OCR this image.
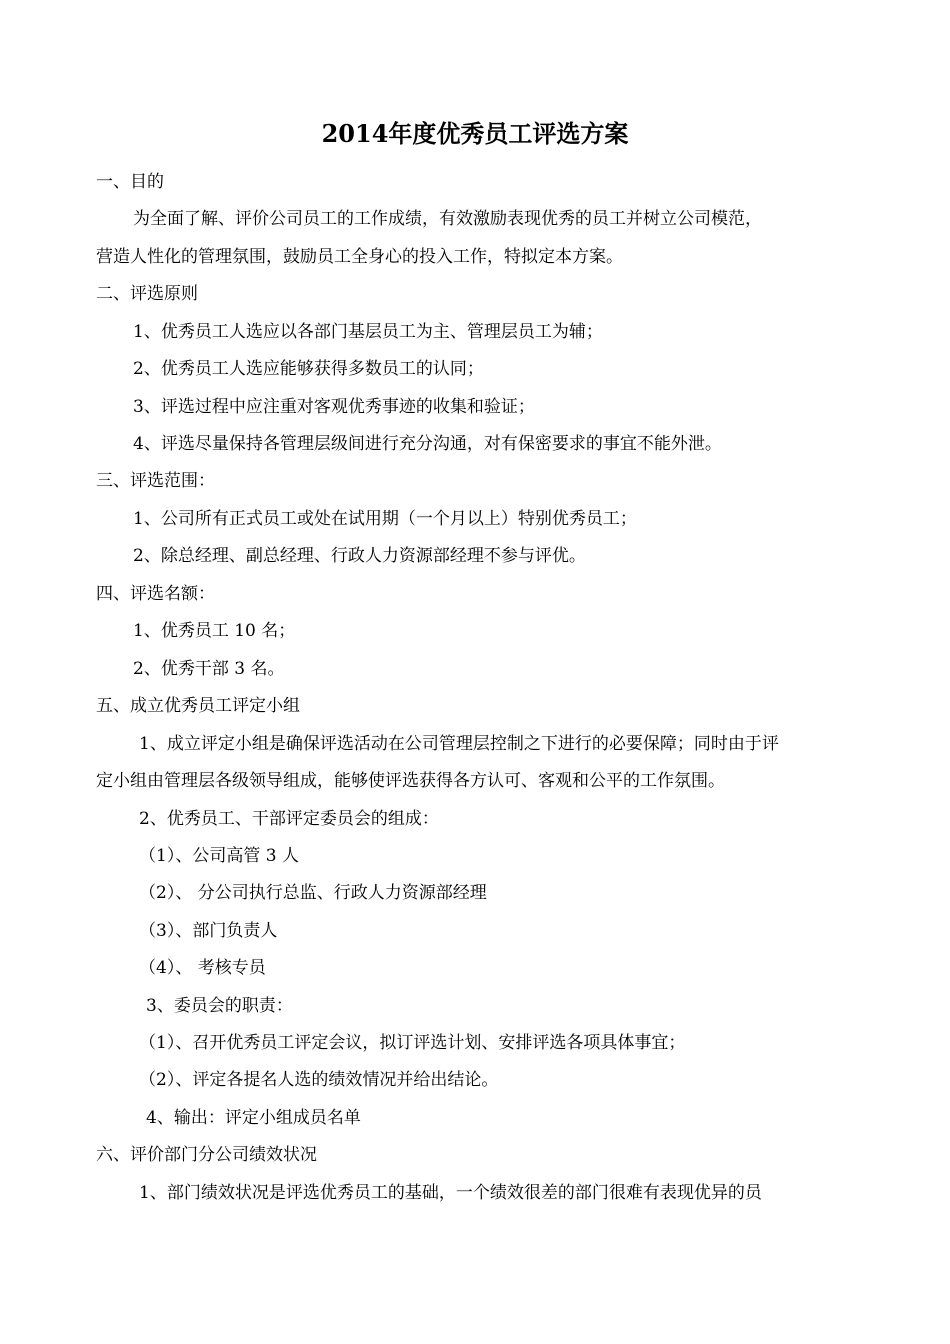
2014年度优秀员工评选方案
一、目的
为全面了解、评价公司员工的工作成绩，有效激励表现优秀的员工并树立公司模范，
营造人性化的管理氛围，鼓励员工全身心的投入工作，特拟定本方案。
二、评选原则
1、优秀员工人选应以各部门基层员工为主、管理层员工为辅；
2、优秀员工人选应能够获得多数员工的认同；
3、评选过程中应注重对客观优秀事迹的收集和验证；
4、评选尽量保持各管理层级间进行充分沟通，对有保密要求的事宜不能外泄。
三、评选范围：
1、公司所有正式员工或处在试用期（一个月以上）特别优秀员工；
2、除总经理、副总经理、行政人力资源部经理不参与评优。
四、评选名额：
1、优秀员工 10 名；
2、优秀干部 3 名。
五、成立优秀员工评定小组
1、成立评定小组是确保评选活动在公司管理层控制之下进行的必要保障；同时由于评
定小组由管理层各级领导组成，能够使评选获得各方认可、客观和公平的工作氛围。
2、优秀员工、干部评定委员会的组成：
（1）、公司高管 3 人
（2）、 分公司执行总监、行政人力资源部经理
（3）、部门负责人
（4）、 考核专员
3、委员会的职责：
（1）、召开优秀员工评定会议，拟订评选计划、安排评选各项具体事宜；
（2）、评定各提名人选的绩效情况并给出结论。
4、输出：评定小组成员名单
六、评价部门分公司绩效状况
1、部门绩效状况是评选优秀员工的基础，一个绩效很差的部门很难有表现优异的员
